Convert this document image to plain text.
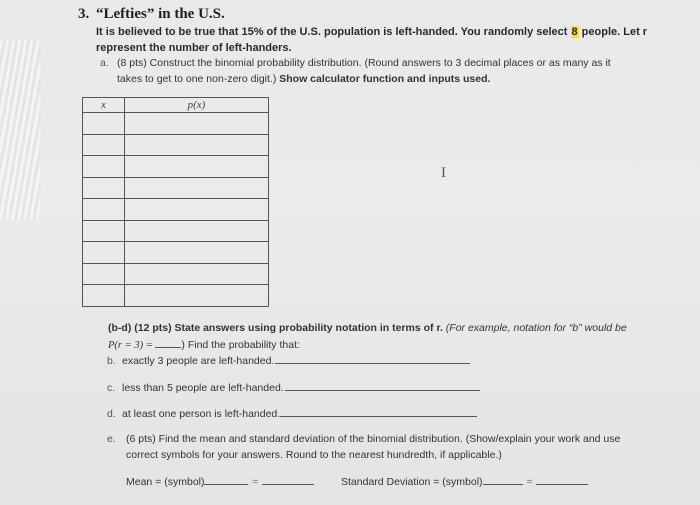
3. “Lefties” in the U.S.
It is believed to be true that 15% of the U.S. population is left-handed. You randomly select 8 people. Let r
represent the number of left-handers.
a. (8 pts) Construct the binomial probability distribution. (Round answers to 3 decimal places or as many as it
takes to get to one non-zero digit.) Show calculator function and inputs used.
x	p(x)

I
(b-d) (12 pts) State answers using probability notation in terms of r. (For example, notation for “b” would be
P(r = 3) = ) Find the probability that:
b. exactly 3 people are left-handed.
c. less than 5 people are left-handed.
d. at least one person is left-handed.
e. (6 pts) Find the mean and standard deviation of the binomial distribution. (Show/explain your work and use
correct symbols for your answers. Round to the nearest hundredth, if applicable.)
Mean = (symbol)	≈	Standard Deviation = (symbol)	≈
